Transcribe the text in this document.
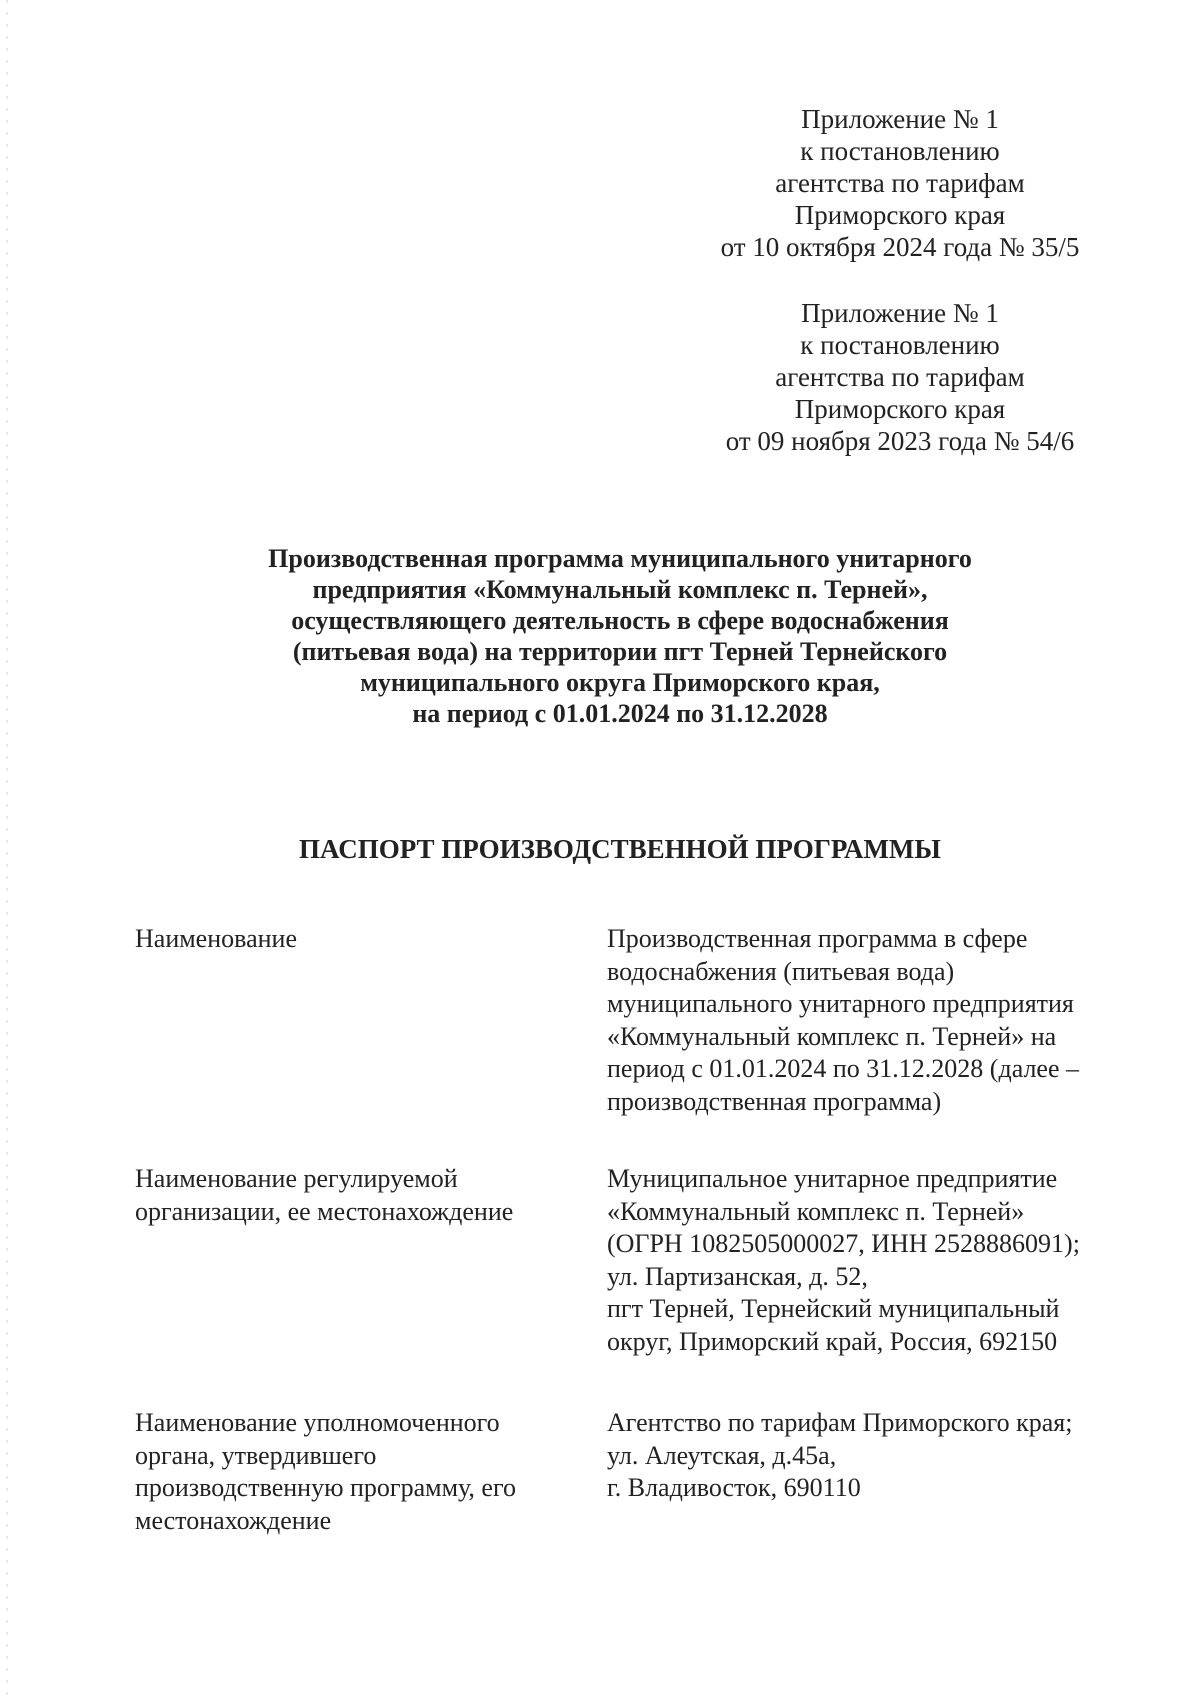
Приложение № 1
к постановлению
агентства по тарифам
Приморского края
от 10 октября 2024 года № 35/5
Приложение № 1
к постановлению
агентства по тарифам
Приморского края
от 09 ноября 2023 года № 54/6
Производственная программа муниципального унитарного
предприятия «Коммунальный комплекс п. Терней»,
осуществляющего деятельность в сфере водоснабжения
(питьевая вода) на территории пгт Терней Тернейского
муниципального округа Приморского края,
на период с 01.01.2024 по 31.12.2028
ПАСПОРТ ПРОИЗВОДСТВЕННОЙ ПРОГРАММЫ
Наименование	Производственная программа в сфере
водоснабжения (питьевая вода)
муниципального унитарного предприятия
«Коммунальный комплекс п. Терней» на
период с 01.01.2024 по 31.12.2028 (далее –
производственная программа)
Наименование регулируемой
организации, ее местонахождение
Муниципальное унитарное предприятие
«Коммунальный комплекс п. Терней»
(ОГРН 1082505000027, ИНН 2528886091);
ул. Партизанская, д. 52,
пгт Терней, Тернейский муниципальный
округ, Приморский край, Россия, 692150
Наименование уполномоченного
органа, утвердившего
производственную программу, его
местонахождение
Агентство по тарифам Приморского края;
ул. Алеутская, д.45а,
г. Владивосток, 690110
